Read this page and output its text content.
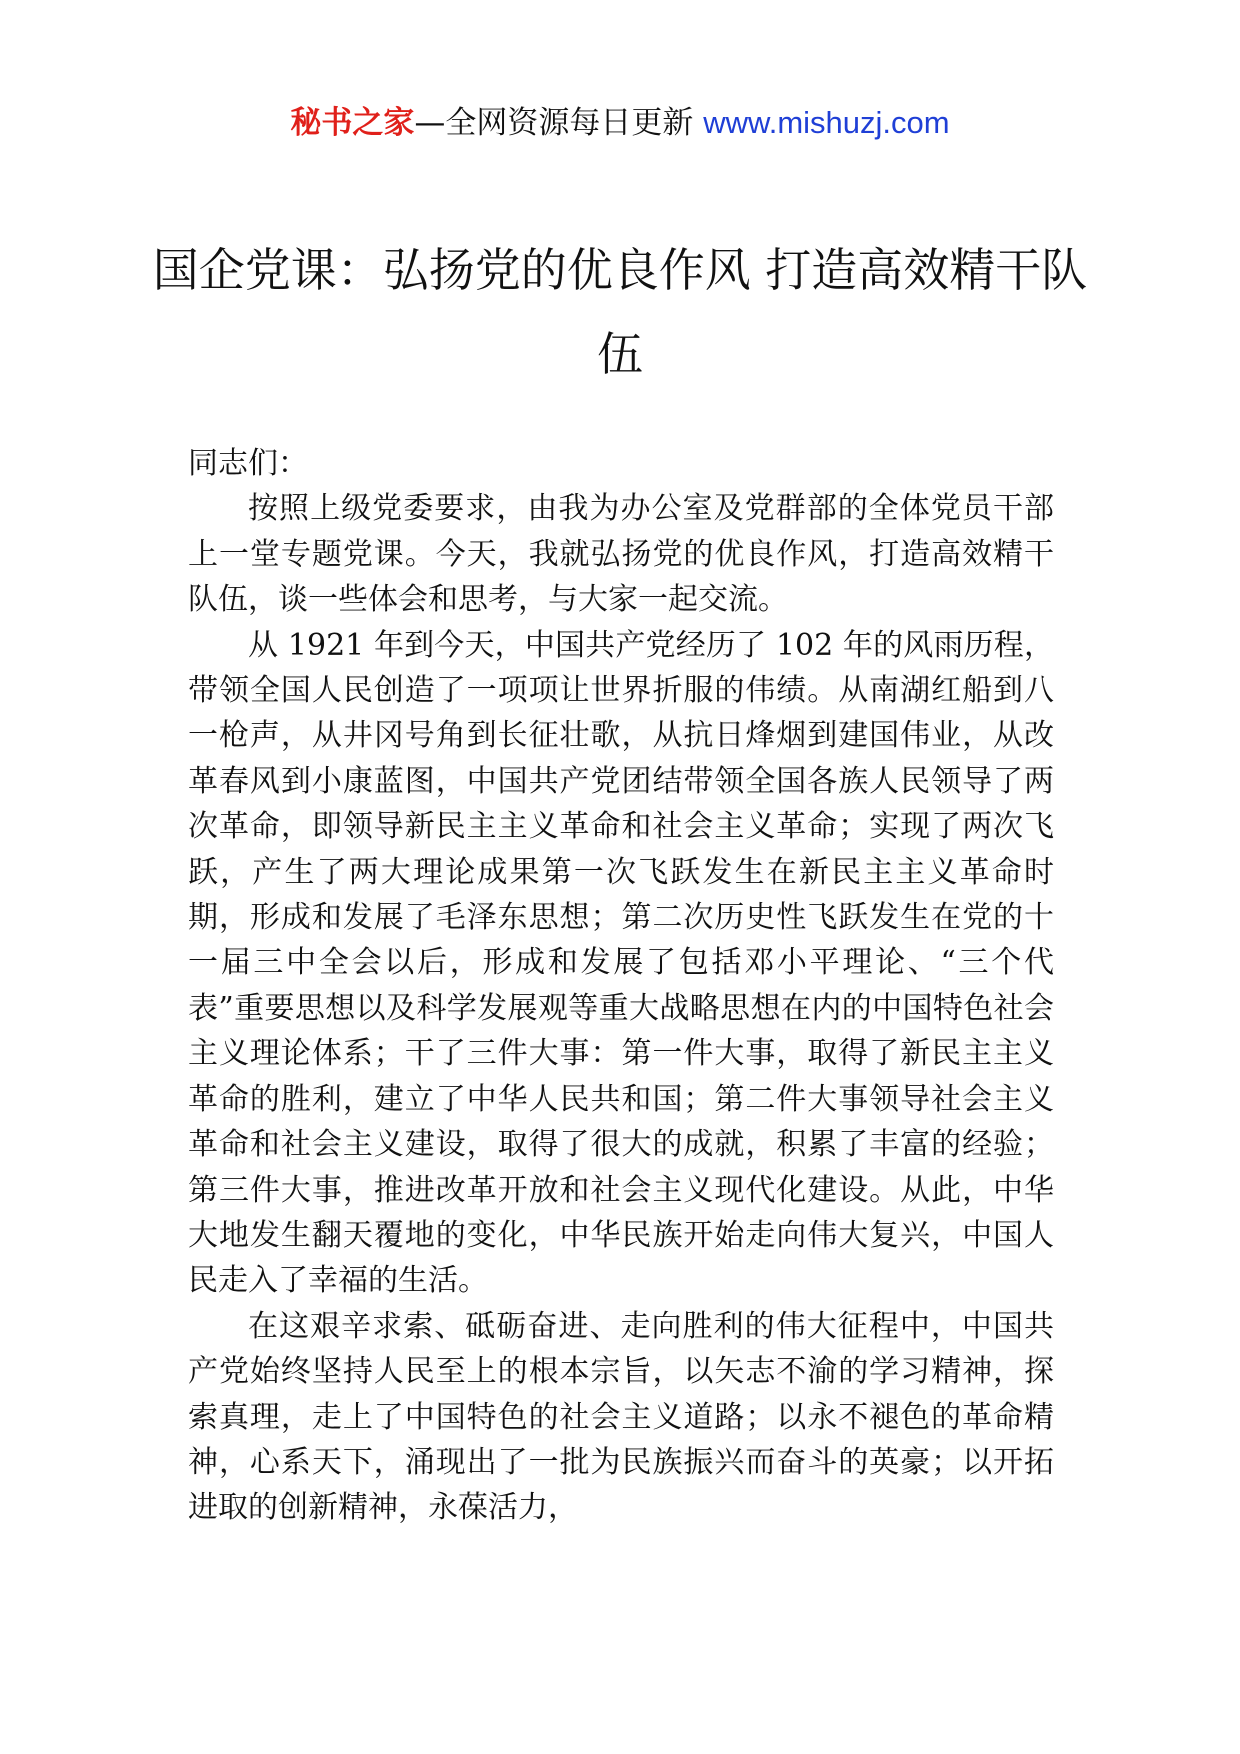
秘书之家—全网资源每日更新 www.mishuzj.com
国企党课：弘扬党的优良作风 打造高效精干队伍

同志们：

按照上级党委要求，由我为办公室及党群部的全体党员干部上一堂专题党课。今天，我就弘扬党的优良作风，打造高效精干队伍，谈一些体会和思考，与大家一起交流。

从 1921 年到今天，中国共产党经历了 102 年的风雨历程，带领全国人民创造了一项项让世界折服的伟绩。从南湖红船到八一枪声，从井冈号角到长征壮歌，从抗日烽烟到建国伟业，从改革春风到小康蓝图，中国共产党团结带领全国各族人民领导了两次革命，即领导新民主主义革命和社会主义革命；实现了两次飞跃，产生了两大理论成果第一次飞跃发生在新民主主义革命时期，形成和发展了毛泽东思想；第二次历史性飞跃发生在党的十一届三中全会以后，形成和发展了包括邓小平理论、“三个代表”重要思想以及科学发展观等重大战略思想在内的中国特色社会主义理论体系；干了三件大事：第一件大事，取得了新民主主义革命的胜利，建立了中华人民共和国；第二件大事领导社会主义革命和社会主义建设，取得了很大的成就，积累了丰富的经验；第三件大事，推进改革开放和社会主义现代化建设。从此，中华大地发生翻天覆地的变化，中华民族开始走向伟大复兴，中国人民走入了幸福的生活。

在这艰辛求索、砥砺奋进、走向胜利的伟大征程中，中国共产党始终坚持人民至上的根本宗旨，以矢志不渝的学习精神，探索真理，走上了中国特色的社会主义道路；以永不褪色的革命精神，心系天下，涌现出了一批为民族振兴而奋斗的英豪；以开拓进取的创新精神，永葆活力，
